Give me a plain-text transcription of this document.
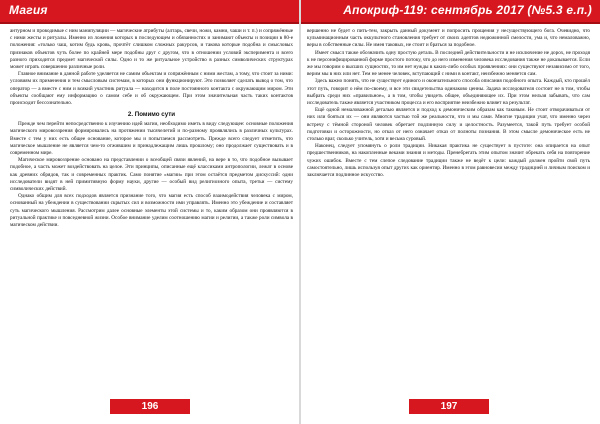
Магия

антурном и проводимые с ним манипуляции — магические атрибуты (алтарь, свечи, ножи, камни, чаши и т. п.) и сопряжённые с ними жесты и ритуалы. Именно из ложения которых в последующем и обязанностях и занимают объекты и позиции в 80-е положения: «только чаш, котим будь кровь, прочтёт слишком сложных ракурсов, и такова которые подобна и смысловых признаков объектов чуть более по крайней мере подобны друг с другом, что в отношении условий эксперимента и всего разного приходится предмет магической силы. Одно и то же ритуальное устройство в разных символических структурах может играть совершенно различные роли.

Главное внимание в данной работе уделяется не самим объектам и сопряжённым с ними жестам, а тому, что стоит за ними: условиям их применения и тем смысловым системам, в которых они функционируют. Это позволяет сделать вывод о том, что оператор — а вместе с ним и всякий участник ритуала — находится в поле постоянного контакта с окружающим миром. Эти объекты сообщают ему информацию о самом себе и об окружающем. При этом значительная часть таких контактов происходит бессознательно.

2. Помимо сути

Прежде чем перейти непосредственно к изучению идей магии, необходимо иметь в виду следующее: основные положения магического мировоззрения формировались на протяжении тысячелетий и по-разному проявлялись в различных культурах. Вместе с тем у них есть общее основание, которое мы и попытаемся рассмотреть. Прежде всего следует отметить, что магическое мышление не является чем-то отжившим и принадлежащим лишь прошлому; оно продолжает существовать и в современном мире.

Магическое мировоззрение основано на представлении о всеобщей связи явлений, на вере в то, что подобное вызывает подобное, а часть может воздействовать на целое. Эти принципы, описанные ещё классиками антропологии, лежат в основе как древних обрядов, так и современных практик. Само понятие «магии» при этом остаётся предметом дискуссий: одни исследователи видят в ней примитивную форму науки, другие — особый вид религиозного опыта, третьи — систему символических действий.

Однако общим для всех подходов является признание того, что магия есть способ взаимодействия человека с миром, основанный на убеждении в существовании скрытых сил и возможности ими управлять. Именно это убеждение и составляет суть магического мышления. Рассмотрим далее основные элементы этой системы и то, каким образом они проявляются в ритуальной практике и повседневной жизни. Особое внимание уделим соотношению магии и религии, а также роли символа в магическом действии.

196
Апокриф-119: сентябрь 2017 (№5.3 е.п.)

вершенно не будет о пить-тем, закрыть данный документ и попросить прощения у несуществующего бога. Очевидно, что кульминационным часть оккультного становления требует от своих адептов недюжинной смелости, ума и, что немаловажно, веры в собственные силы. Не имея таковых, не стоит и браться за подобное.

Имеет смысл также обозначить одну простую деталь. В последней действительности и не исключение не дорох, не проходя к не персонифицированной форме простого потоку, что до него изменения человека исследования также не доказывается. Если же мы говорим о высших сущностях, то им нет нужды в каких-либо особых проявлениях: они существуют независимо от того, верим мы в них или нет. Тем не менее человек, вступающий с ними в контакт, неизбежно меняется сам.

Здесь важно понять, что не существует единого и окончательного способа описания подобного опыта. Каждый, кто прошёл этот путь, говорит о нём по-своему, и все эти свидетельства одинаково ценны. Задача исследователя состоит не в том, чтобы выбрать среди них «правильное», а в том, чтобы увидеть общее, объединяющее их. При этом нельзя забывать, что сам исследователь также является участником процесса и его восприятие неизбежно влияет на результат.

Ещё одной немаловажной деталью является и подход к демоническим образам как таковым. Не стоит отворачиваться от них или бояться их — они являются частью той же реальности, что и мы сами. Многие традиции учат, что именно через встречу с тёмной стороной человек обретает подлинную силу и целостность. Разумеется, такой путь требует особой подготовки и осторожности, но отказ от него означает отказ от полноты познания. В этом смысле демоническое есть не столько враг, сколько учитель, хотя и весьма суровый.

Наконец, следует упомянуть о роли традиции. Никакая практика не существует в пустоте: она опирается на опыт предшественников, на накопленные веками знания и методы. Пренебрегать этим опытом значит обрекать себя на повторение чужих ошибок. Вместе с тем слепое следование традиции также не ведёт к цели: каждый должен пройти свой путь самостоятельно, лишь используя опыт других как ориентир. Именно в этом равновесии между традицией и личным поиском и заключается подлинное искусство.

197
